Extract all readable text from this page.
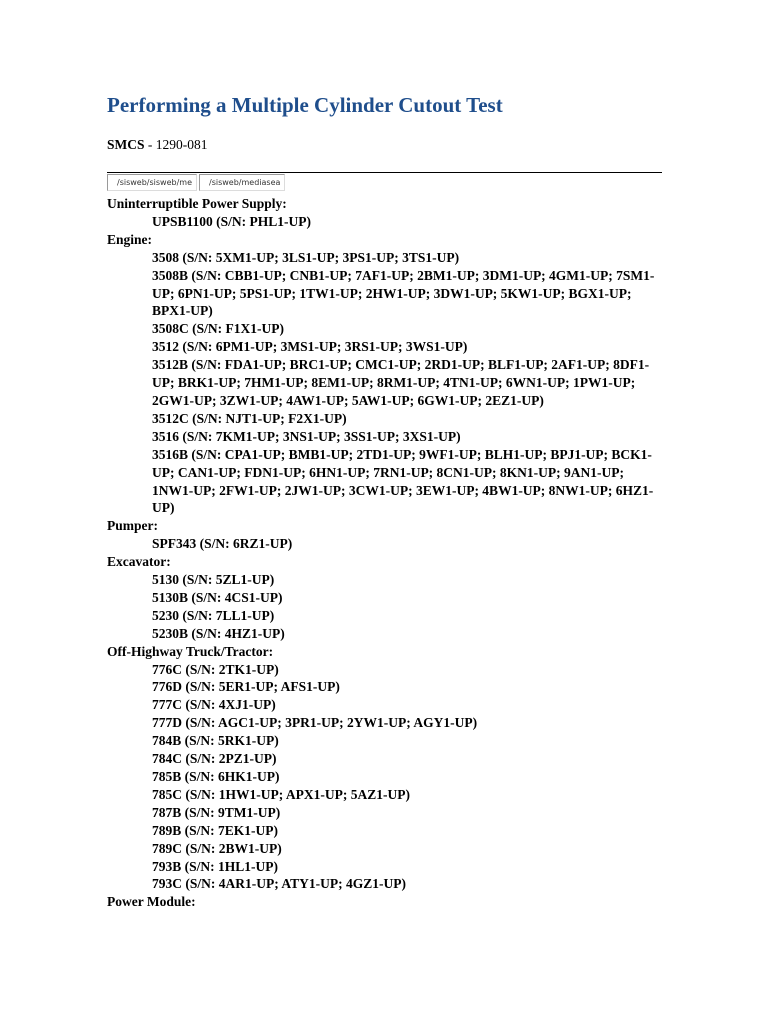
Performing a Multiple Cylinder Cutout Test
SMCS - 1290-081
/sisweb/sisweb/me	/sisweb/mediasea
Uninterruptible Power Supply:
UPSB1100 (S/N: PHL1-UP)
Engine:
3508 (S/N: 5XM1-UP; 3LS1-UP; 3PS1-UP; 3TS1-UP)
3508B (S/N: CBB1-UP; CNB1-UP; 7AF1-UP; 2BM1-UP; 3DM1-UP; 4GM1-UP; 7SM1-UP; 6PN1-UP; 5PS1-UP; 1TW1-UP; 2HW1-UP; 3DW1-UP; 5KW1-UP; BGX1-UP; BPX1-UP)
3508C (S/N: F1X1-UP)
3512 (S/N: 6PM1-UP; 3MS1-UP; 3RS1-UP; 3WS1-UP)
3512B (S/N: FDA1-UP; BRC1-UP; CMC1-UP; 2RD1-UP; BLF1-UP; 2AF1-UP; 8DF1-UP; BRK1-UP; 7HM1-UP; 8EM1-UP; 8RM1-UP; 4TN1-UP; 6WN1-UP; 1PW1-UP; 2GW1-UP; 3ZW1-UP; 4AW1-UP; 5AW1-UP; 6GW1-UP; 2EZ1-UP)
3512C (S/N: NJT1-UP; F2X1-UP)
3516 (S/N: 7KM1-UP; 3NS1-UP; 3SS1-UP; 3XS1-UP)
3516B (S/N: CPA1-UP; BMB1-UP; 2TD1-UP; 9WF1-UP; BLH1-UP; BPJ1-UP; BCK1-UP; CAN1-UP; FDN1-UP; 6HN1-UP; 7RN1-UP; 8CN1-UP; 8KN1-UP; 9AN1-UP; 1NW1-UP; 2FW1-UP; 2JW1-UP; 3CW1-UP; 3EW1-UP; 4BW1-UP; 8NW1-UP; 6HZ1-UP)
Pumper:
SPF343 (S/N: 6RZ1-UP)
Excavator:
5130 (S/N: 5ZL1-UP)
5130B (S/N: 4CS1-UP)
5230 (S/N: 7LL1-UP)
5230B (S/N: 4HZ1-UP)
Off-Highway Truck/Tractor:
776C (S/N: 2TK1-UP)
776D (S/N: 5ER1-UP; AFS1-UP)
777C (S/N: 4XJ1-UP)
777D (S/N: AGC1-UP; 3PR1-UP; 2YW1-UP; AGY1-UP)
784B (S/N: 5RK1-UP)
784C (S/N: 2PZ1-UP)
785B (S/N: 6HK1-UP)
785C (S/N: 1HW1-UP; APX1-UP; 5AZ1-UP)
787B (S/N: 9TM1-UP)
789B (S/N: 7EK1-UP)
789C (S/N: 2BW1-UP)
793B (S/N: 1HL1-UP)
793C (S/N: 4AR1-UP; ATY1-UP; 4GZ1-UP)
Power Module:
